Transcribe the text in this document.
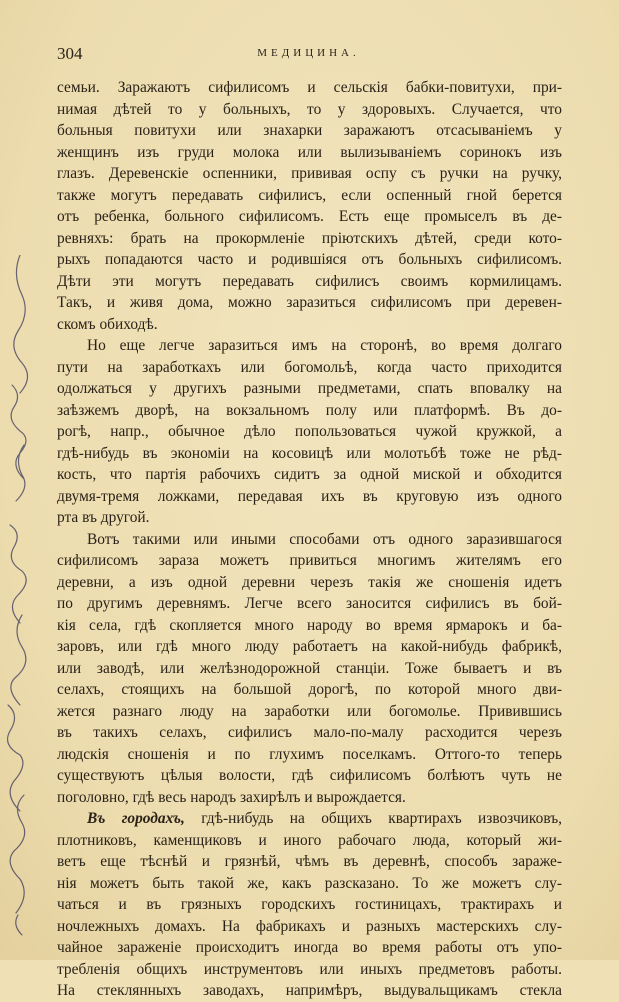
304	МЕДИЦИНА.
семьи. Заражаютъ сифилисомъ и сельскія бабки-повитухи, при-
нимая дѣтей то у больныхъ, то у здоровыхъ. Случается, что
больныя повитухи или знахарки заражаютъ отсасываніемъ у
женщинъ изъ груди молока или вылизываніемъ соринокъ изъ
глазъ. Деревенскіе оспенники, прививая оспу съ ручки на ручку,
также могутъ передавать сифилисъ, если оспенный гной берется
отъ ребенка, больного сифилисомъ. Есть еще промыселъ въ де-
ревняхъ: брать на прокормленіе пріютскихъ дѣтей, среди кото-
рыхъ попадаются часто и родившіяся отъ больныхъ сифилисомъ.
Дѣти эти могутъ передавать сифилисъ своимъ кормилицамъ.
Такъ, и живя дома, можно заразиться сифилисомъ при деревен-
скомъ обиходѣ.
Но еще легче заразиться имъ на сторонѣ, во время долгаго
пути на заработкахъ или богомольѣ, когда часто приходится
одолжаться у другихъ разными предметами, спать вповалку на
заѣзжемъ дворѣ, на вокзальномъ полу или платформѣ. Въ до-
рогѣ, напр., обычное дѣло попользоваться чужой кружкой, а
гдѣ-нибудь въ экономіи на косовицѣ или молотьбѣ тоже не рѣд-
кость, что партія рабочихъ сидитъ за одной миской и обходится
двумя-тремя ложками, передавая ихъ въ круговую изъ одного
рта въ другой.
Вотъ такими или иными способами отъ одного заразившагося
сифилисомъ зараза можетъ привиться многимъ жителямъ его
деревни, а изъ одной деревни черезъ такія же сношенія идетъ
по другимъ деревнямъ. Легче всего заносится сифилисъ въ бой-
кія села, гдѣ скопляется много народу во время ярмарокъ и ба-
заровъ, или гдѣ много люду работаетъ на какой-нибудь фабрикѣ,
или заводѣ, или желѣзнодорожной станціи. Тоже бываетъ и въ
селахъ, стоящихъ на большой дорогѣ, по которой много дви-
жется разнаго люду на заработки или богомолье. Привившись
въ такихъ селахъ, сифилисъ мало-по-малу расходится черезъ
людскія сношенія и по глухимъ поселкамъ. Оттого-то теперь
существуютъ цѣлыя волости, гдѣ сифилисомъ болѣютъ чуть не
поголовно, гдѣ весь народъ захирѣлъ и вырождается.
Въ городахъ, гдѣ-нибудь на общихъ квартирахъ извозчиковъ,
плотниковъ, каменщиковъ и иного рабочаго люда, который жи-
ветъ еще тѣснѣй и грязнѣй, чѣмъ въ деревнѣ, способъ зараже-
нія можетъ быть такой же, какъ разсказано. То же можетъ слу-
чаться и въ грязныхъ городскихъ гостиницахъ, трактирахъ и
ночлежныхъ домахъ. На фабрикахъ и разныхъ мастерскихъ слу-
чайное зараженіе происходитъ иногда во время работы отъ упо-
требленія общихъ инструментовъ или иныхъ предметовъ работы.
На стеклянныхъ заводахъ, напримѣръ, выдувальщикамъ стекла
